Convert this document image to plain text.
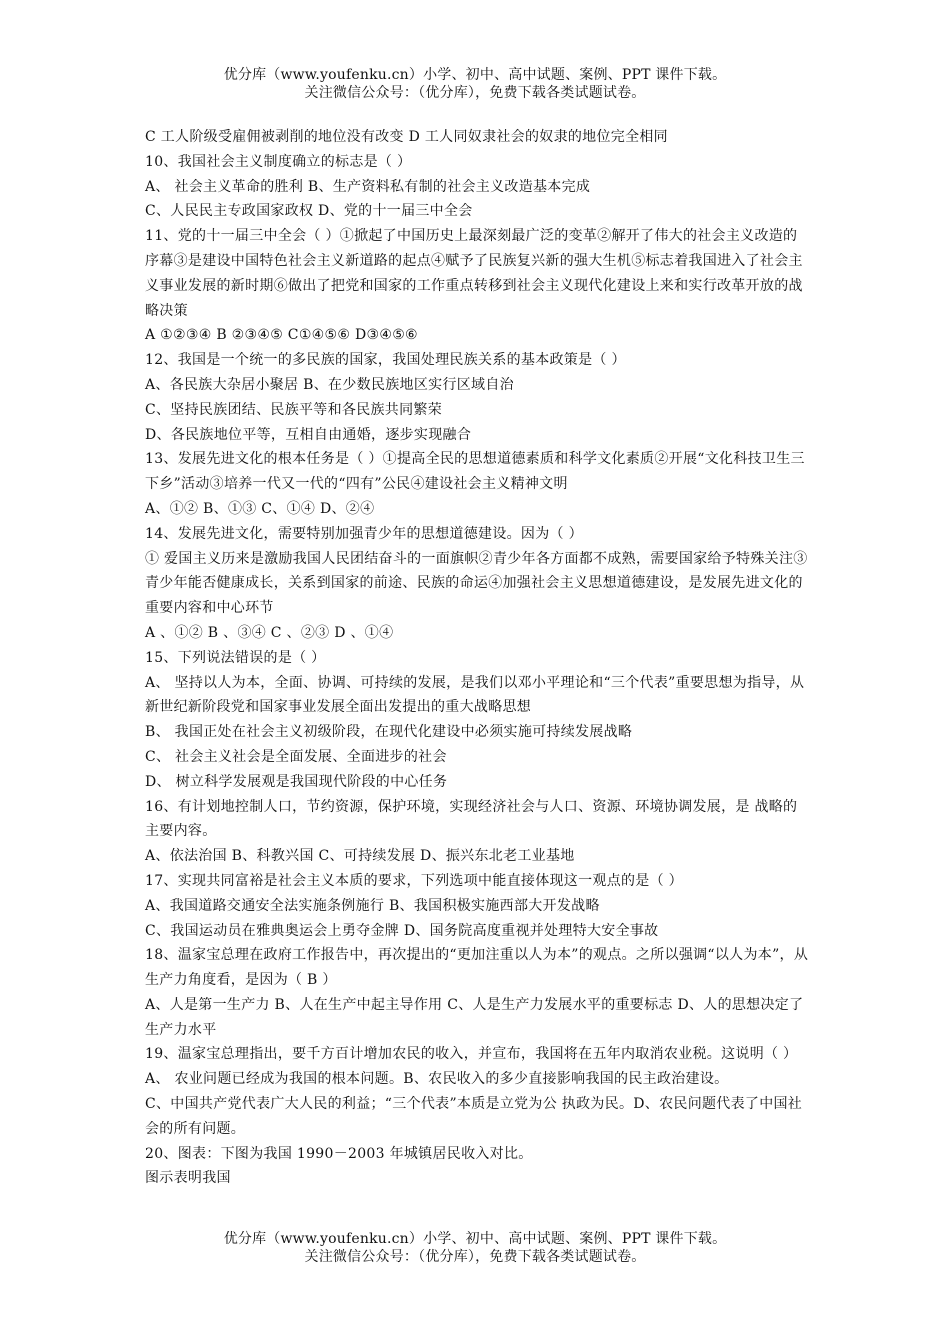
优分库（www.youfenku.cn）小学、初中、高中试题、案例、PPT 课件下载。
关注微信公众号：（优分库），免费下载各类试题试卷。

C 工人阶级受雇佣被剥削的地位没有改变 D 工人同奴隶社会的奴隶的地位完全相同

10、我国社会主义制度确立的标志是（ ）

A、 社会主义革命的胜利 B、生产资料私有制的社会主义改造基本完成

C、人民民主专政国家政权 D、党的十一届三中全会

11、党的十一届三中全会（ ）①掀起了中国历史上最深刻最广泛的变革②解开了伟大的社会主义改造的序幕③是建设中国特色社会主义新道路的起点④赋予了民族复兴新的强大生机⑤标志着我国进入了社会主义事业发展的新时期⑥做出了把党和国家的工作重点转移到社会主义现代化建设上来和实行改革开放的战略决策

A ①②③④ B ②③④⑤ C①④⑤⑥ D③④⑤⑥

12、我国是一个统一的多民族的国家，我国处理民族关系的基本政策是（ ）

A、各民族大杂居小聚居 B、在少数民族地区实行区域自治

C、坚持民族团结、民族平等和各民族共同繁荣

D、各民族地位平等，互相自由通婚，逐步实现融合

13、发展先进文化的根本任务是（ ）①提高全民的思想道德素质和科学文化素质②开展“文化科技卫生三下乡”活动③培养一代又一代的“四有”公民④建设社会主义精神文明

A、①② B、①③ C、①④ D、②④

14、发展先进文化，需要特别加强青少年的思想道德建设。因为（ ）

① 爱国主义历来是激励我国人民团结奋斗的一面旗帜②青少年各方面都不成熟，需要国家给予特殊关注③青少年能否健康成长，关系到国家的前途、民族的命运④加强社会主义思想道德建设，是发展先进文化的重要内容和中心环节

A 、①② B 、③④ C 、②③ D 、①④

15、下列说法错误的是（ ）

A、 坚持以人为本，全面、协调、可持续的发展，是我们以邓小平理论和“三个代表”重要思想为指导，从新世纪新阶段党和国家事业发展全面出发提出的重大战略思想

B、 我国正处在社会主义初级阶段，在现代化建设中必须实施可持续发展战略

C、 社会主义社会是全面发展、全面进步的社会

D、 树立科学发展观是我国现代阶段的中心任务

16、有计划地控制人口，节约资源，保护环境，实现经济社会与人口、资源、环境协调发展，是 战略的主要内容。

A、依法治国 B、科教兴国 C、可持续发展 D、振兴东北老工业基地

17、实现共同富裕是社会主义本质的要求，下列选项中能直接体现这一观点的是（ ）

A、我国道路交通安全法实施条例施行 B、我国积极实施西部大开发战略

C、我国运动员在雅典奥运会上勇夺金牌 D、国务院高度重视并处理特大安全事故

18、温家宝总理在政府工作报告中，再次提出的“更加注重以人为本”的观点。之所以强调“以人为本”，从生产力角度看，是因为（ B ）

A、人是第一生产力 B、人在生产中起主导作用 C、人是生产力发展水平的重要标志 D、人的思想决定了生产力水平

19、温家宝总理指出，要千方百计增加农民的收入，并宣布，我国将在五年内取消农业税。这说明（ ）

A、 农业问题已经成为我国的根本问题。B、农民收入的多少直接影响我国的民主政治建设。

C、中国共产党代表广大人民的利益；“三个代表”本质是立党为公 执政为民。D、农民问题代表了中国社会的所有问题。

20、图表：下图为我国 1990－2003 年城镇居民收入对比。

图示表明我国

优分库（www.youfenku.cn）小学、初中、高中试题、案例、PPT 课件下载。
关注微信公众号：（优分库），免费下载各类试题试卷。
